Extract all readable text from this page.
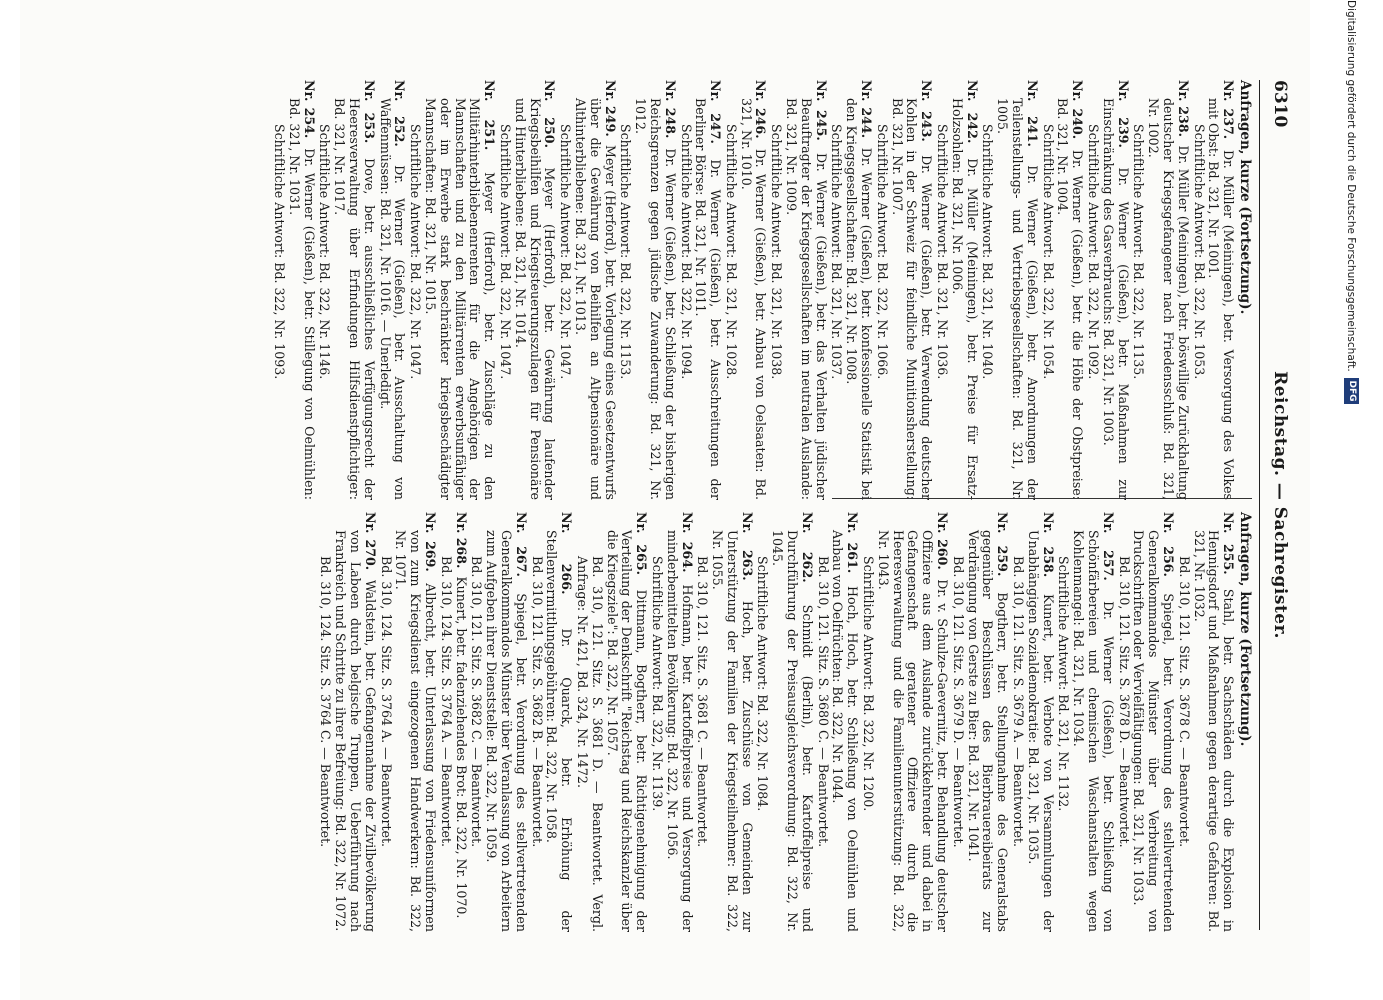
6310
Reichstag. — Sachregister.
Anfragen, kurze (Fortsetzung).
Nr. 237. Dr. Müller (Meiningen), betr. Versorgung des Volkes mit Obst: Bd. 321, Nr. 1001.
Schriftliche Antwort: Bd. 322, Nr. 1053.
Nr. 238. Dr. Müller (Meiningen), betr. böswillige Zurückhaltung deutscher Kriegsgefangener nach Friedensschluß: Bd. 321, Nr. 1002.
Schriftliche Antwort: Bd. 322, Nr. 1135.
Nr. 239. Dr. Werner (Gießen), betr. Maßnahmen zur Einschränkung des Gasverbrauchs: Bd. 321, Nr. 1003.
Schriftliche Antwort: Bd. 322, Nr. 1092.
Nr. 240. Dr. Werner (Gießen), betr. die Höhe der Obstpreise: Bd. 321, Nr. 1004.
Schriftliche Antwort: Bd. 322, Nr. 1054.
Nr. 241. Dr. Werner (Gießen), betr. Anordnungen der Teilenstellungs- und Vertriebsgesellschaften: Bd. 321, Nr. 1005.
Schriftliche Antwort: Bd. 321, Nr. 1040.
Nr. 242. Dr. Müller (Meiningen), betr. Preise für Ersatz-Holzsohlen: Bd. 321, Nr. 1006.
Schriftliche Antwort: Bd. 321, Nr. 1036.
Nr. 243. Dr. Werner (Gießen), betr. Verwendung deutscher Kohlen in der Schweiz für feindliche Munitionsherstellung: Bd. 321, Nr. 1007.
Schriftliche Antwort: Bd. 322, Nr. 1066.
Nr. 244. Dr. Werner (Gießen), betr. konfessionelle Statistik bei den Kriegsgesellschaften: Bd. 321, Nr. 1008.
Schriftliche Antwort: Bd. 321, Nr. 1037.
Nr. 245. Dr. Werner (Gießen), betr. das Verhalten jüdischer Beauftragter der Kriegsgesellschaften im neutralen Auslande: Bd. 321, Nr. 1009.
Schriftliche Antwort: Bd. 321, Nr. 1038.
Nr. 246. Dr. Werner (Gießen), betr. Anbau von Oelsaaten: Bd. 321, Nr. 1010.
Schriftliche Antwort: Bd. 321, Nr. 1028.
Nr. 247. Dr. Werner (Gießen), betr. Ausschreitungen der Berliner Börse: Bd. 321, Nr. 1011.
Schriftliche Antwort: Bd. 322, Nr. 1094.
Nr. 248. Dr. Werner (Gießen), betr. Schließung der bisherigen Reichsgrenzen gegen jüdische Zuwanderung: Bd. 321, Nr. 1012.
Schriftliche Antwort: Bd. 322, Nr. 1153.
Nr. 249. Meyer (Herford), betr. Vorlegung eines Gesetzentwurfs über die Gewährung von Beihilfen an Altpensionäre und Althinterbliebene: Bd. 321, Nr. 1013.
Schriftliche Antwort: Bd. 322, Nr. 1047.
Nr. 250. Meyer (Herford), betr. Gewährung laufender Kriegsbeihilfen und Kriegsteuerungszulagen für Pensionäre und Hinterbliebene: Bd. 321, Nr. 1014.
Schriftliche Antwort: Bd. 322, Nr. 1047.
Nr. 251. Meyer (Herford), betr. Zuschläge zu den Militärhinterbliebenenrenten für die Angehörigen der Mannschaften und zu den Militärrenten erwerbsunfähiger oder im Erwerbe stark beschränkter kriegsbeschädigter Mannschaften: Bd. 321, Nr. 1015.
Schriftliche Antwort: Bd. 322, Nr. 1047.
Nr. 252. Dr. Werner (Gießen), betr. Ausschaltung von Waffenmüssen: Bd. 321, Nr. 1016. — Unerledigt.
Nr. 253. Dove, betr. ausschließliches Verfügungsrecht der Heeresverwaltung über Erfindungen Hilfsdienstpflichtiger: Bd. 321, Nr. 1017.
Schriftliche Antwort: Bd. 322, Nr. 1146.
Nr. 254. Dr. Werner (Gießen), betr. Stillegung von Oelmühlen: Bd. 321, Nr. 1031.
Schriftliche Antwort: Bd. 322, Nr. 1093.
Anfragen, kurze (Fortsetzung).
Nr. 255. Stahl, betr. Sachschäden durch die Explosion in Hennigsdorf und Maßnahmen gegen derartige Gefahren: Bd. 321, Nr. 1032.
Bd. 310, 121. Sitz. S. 3678 C. — Beantwortet.
Nr. 256. Spiegel, betr. Verordnung des stellvertretenden Generalkommandos Münster über Verbreitung von Druckschriften oder Vervielfältigungen: Bd. 321, Nr. 1033.
Bd. 310, 121. Sitz. S. 3678 D. — Beantwortet.
Nr. 257. Dr. Werner (Gießen), betr. Schließung von Schönfärbereien und chemischen Waschanstalten wegen Kohlenmangel: Bd. 321, Nr. 1034.
Schriftliche Antwort: Bd. 321, Nr. 1132.
Nr. 258. Kunert, betr. Verbote von Versammlungen der Unabhängigen Sozialdemokratie: Bd. 321, Nr. 1035.
Bd. 310, 121. Sitz. S. 3679 A. — Beantwortet.
Nr. 259. Bogtherr, betr. Stellungnahme des Generalstabs gegenüber Beschlüssen des Bierbrauereibeirats zur Verdrängung von Gerste zu Bier: Bd. 321, Nr. 1041.
Bd. 310, 121. Sitz. S. 3679 D. — Beantwortet.
Nr. 260. Dr. v. Schulze-Gaevernitz, betr. Behandlung deutscher Offiziere aus dem Auslande zurückkehrender und dabei in Gefangenschaft geratener Offiziere durch die Heeresverwaltung und die Familienunterstützung: Bd. 322, Nr. 1043.
Schriftliche Antwort: Bd. 322, Nr. 1200.
Nr. 261. Hoch, Hoch, betr. Schließung von Oelmühlen und Anbau von Oelfrüchten: Bd. 322, Nr. 1044.
Bd. 310, 121. Sitz. S. 3680 C. — Beantwortet.
Nr. 262. Schmidt (Berlin), betr. Kartoffelpreise und Durchführung der Preisausgleichsverordnung: Bd. 322, Nr. 1045.
Schriftliche Antwort: Bd. 322, Nr. 1084.
Nr. 263. Hoch, betr. Zuschüsse von Gemeinden zur Unterstützung der Familien der Kriegsteilnehmer: Bd. 322, Nr. 1055.
Bd. 310, 121. Sitz. S. 3681 C. — Beantwortet.
Nr. 264. Hofmann, betr. Kartoffelpreise und Versorgung der minderbemittelten Bevölkerung: Bd. 322, Nr. 1056.
Schriftliche Antwort: Bd. 322, Nr. 1139.
Nr. 265. Dittmann, Bogtherr, betr. Richtigenehmigung der Verteilung der Denkschrift "Reichstag und Reichskanzler über die Kriegsziele": Bd. 322, Nr. 1057.
Bd. 310, 121. Sitz. S. 3681 D. — Beantwortet. Vergl. Anfrage: Nr. 421, Bd. 324, Nr. 1472.
Nr. 266. Dr. Quarck, betr. Erhöhung der Stellenvermittlungsgebühren: Bd. 322, Nr. 1058.
Bd. 310, 121. Sitz. S. 3682 B. — Beantwortet.
Nr. 267. Spiegel, betr. Verordnung des stellvertretenden Generalkommandos Münster über Veranlassung von Arbeitern zum Aufgeben ihrer Dienststelle: Bd. 322, Nr. 1059.
Bd. 310, 121. Sitz. S. 3682 C. — Beantwortet.
Nr. 268. Kunert, betr. fadenziehendes Brot: Bd. 322, Nr. 1070.
Bd. 310, 124. Sitz. S. 3764 A. — Beantwortet.
Nr. 269. Albrecht, betr. Unterlassung von Friedensuniformen von zum Kriegsdienst eingezogenen Handwerkern: Bd. 322, Nr. 1071.
Bd. 310, 124. Sitz. S. 3764 A. — Beantwortet.
Nr. 270. Waldstein, betr. Gefangennahme der Zivilbevölkerung von Laboen durch belgische Truppen, Ueberführung nach Frankreich und Schritte zu ihrer Befreiung: Bd. 322, Nr. 1072.
Bd. 310, 124. Sitz. S. 3764 C. — Beantwortet.
Digitalisierung gefördert durch die Deutsche Forschungsgemeinschaft.
DFG
